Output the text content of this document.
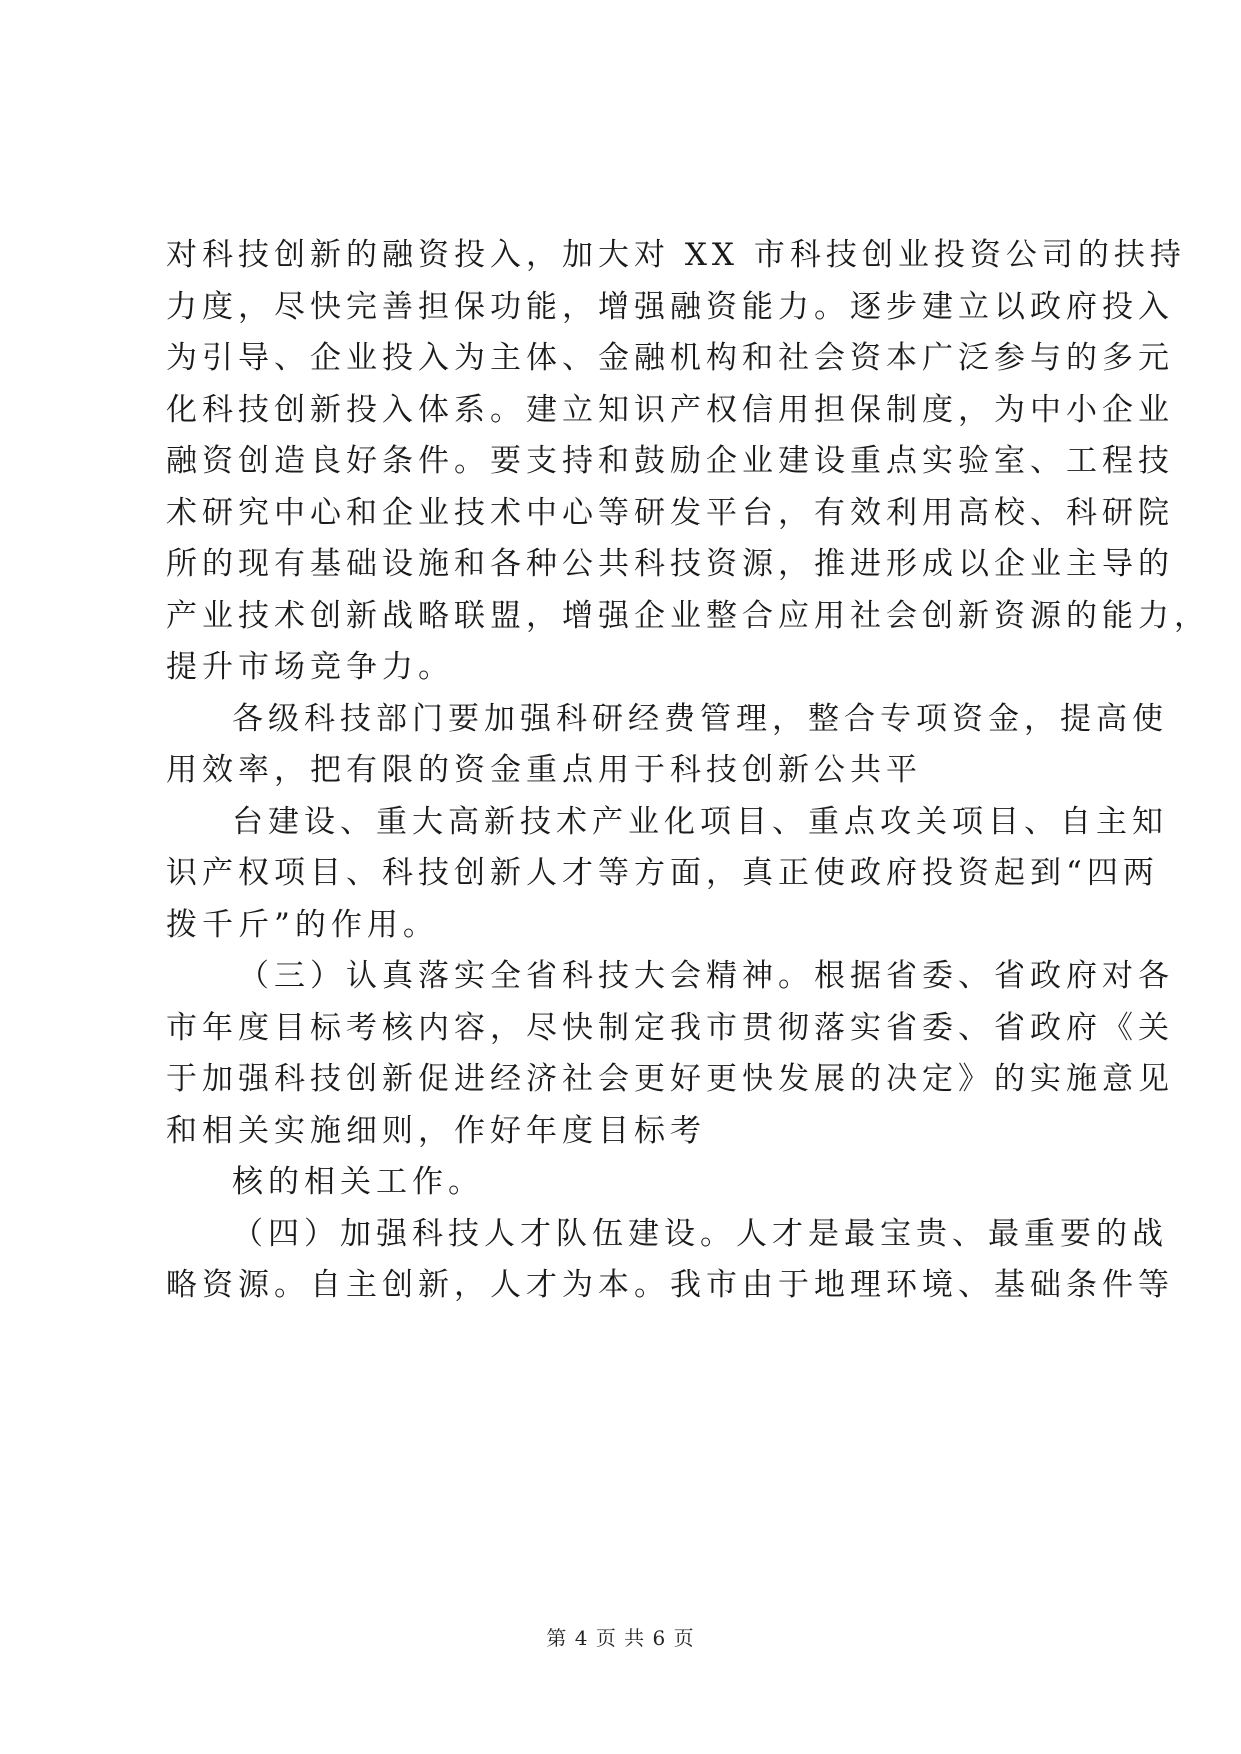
对科技创新的融资投入，加大对 XX 市科技创业投资公司的扶持
力度，尽快完善担保功能，增强融资能力。逐步建立以政府投入
为引导、企业投入为主体、金融机构和社会资本广泛参与的多元
化科技创新投入体系。建立知识产权信用担保制度，为中小企业
融资创造良好条件。要支持和鼓励企业建设重点实验室、工程技
术研究中心和企业技术中心等研发平台，有效利用高校、科研院
所的现有基础设施和各种公共科技资源，推进形成以企业主导的
产业技术创新战略联盟，增强企业整合应用社会创新资源的能力，
提升市场竞争力。
各级科技部门要加强科研经费管理，整合专项资金，提高使
用效率，把有限的资金重点用于科技创新公共平
台建设、重大高新技术产业化项目、重点攻关项目、自主知
识产权项目、科技创新人才等方面，真正使政府投资起到“四两
拨千斤”的作用。
（三）认真落实全省科技大会精神。根据省委、省政府对各
市年度目标考核内容，尽快制定我市贯彻落实省委、省政府《关
于加强科技创新促进经济社会更好更快发展的决定》的实施意见
和相关实施细则，作好年度目标考
核的相关工作。
（四）加强科技人才队伍建设。人才是最宝贵、最重要的战
略资源。自主创新，人才为本。我市由于地理环境、基础条件等
第 4 页 共 6 页
